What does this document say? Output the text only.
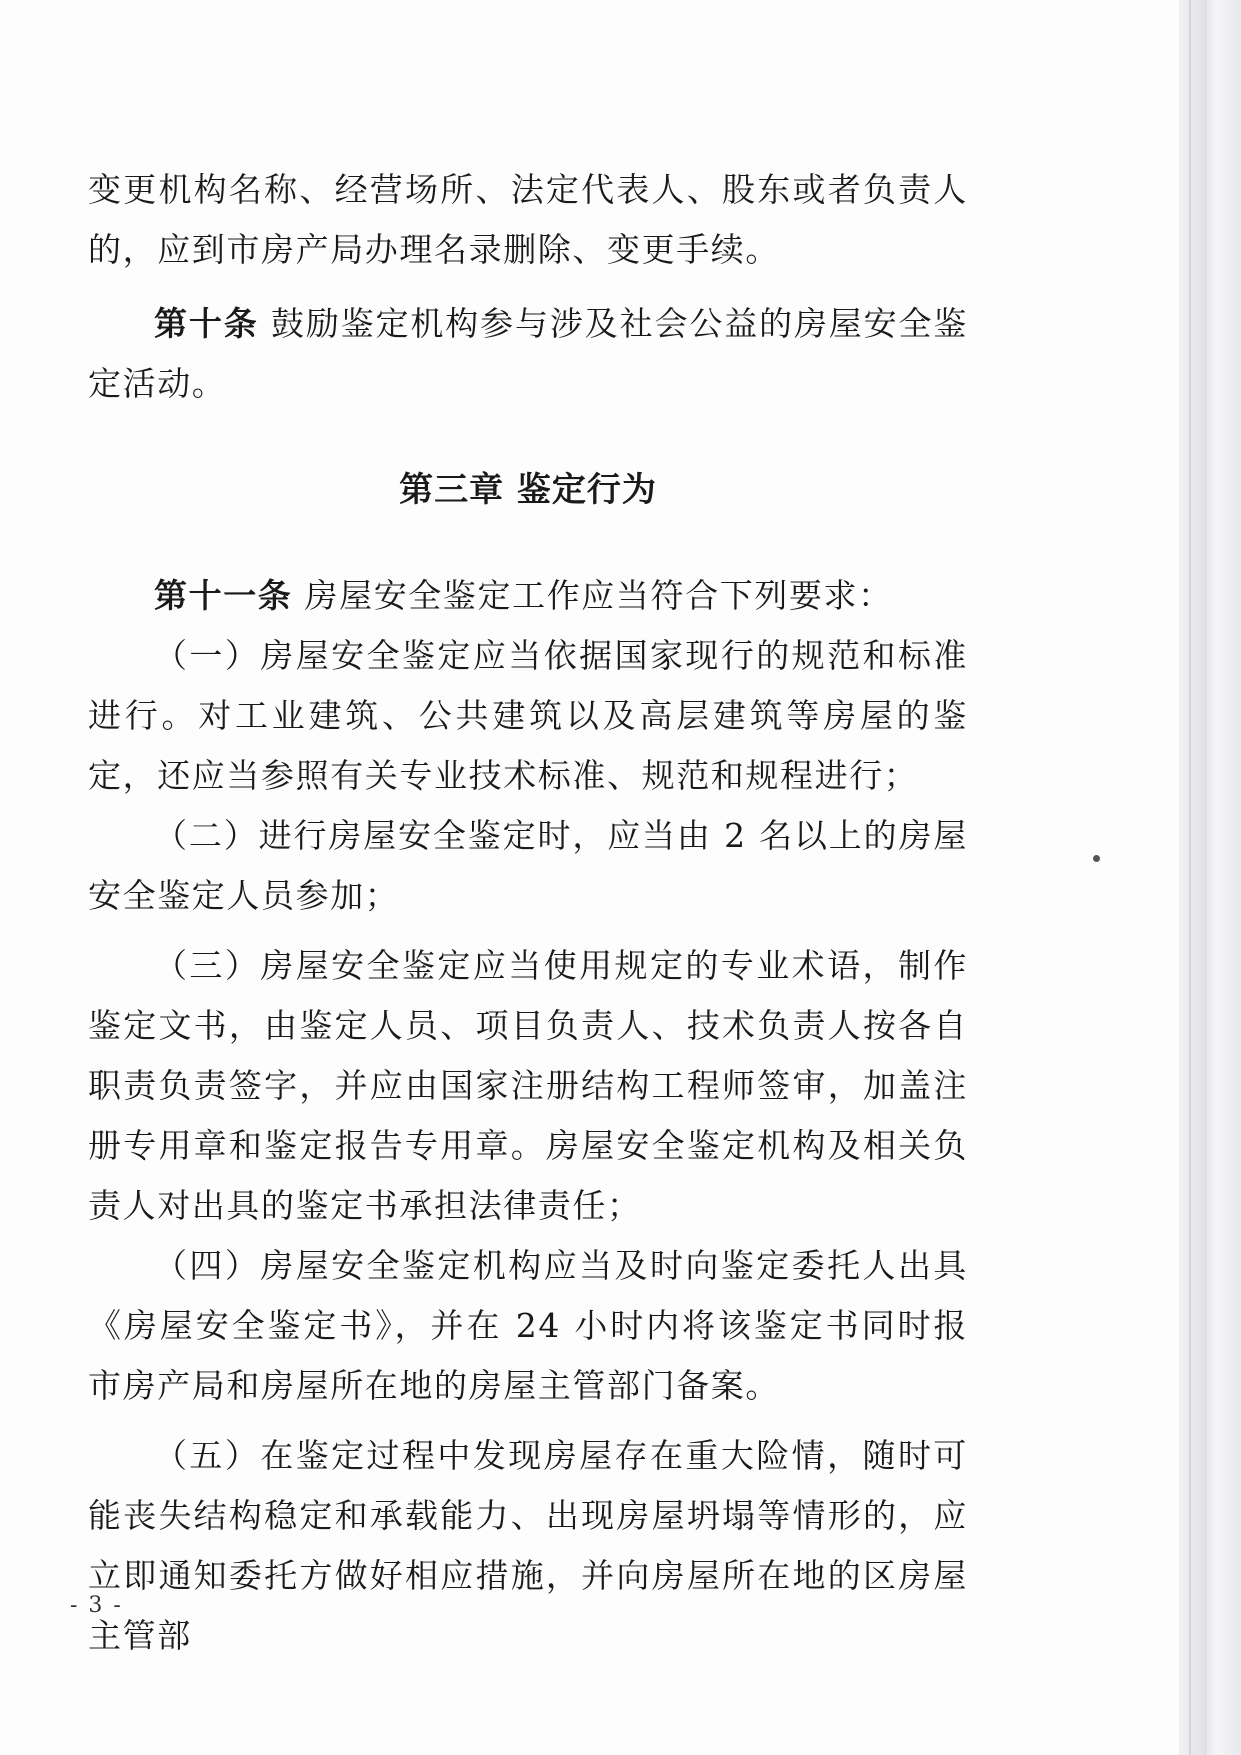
变更机构名称、经营场所、法定代表人、股东或者负责人的，应到市房产局办理名录删除、变更手续。

第十条 鼓励鉴定机构参与涉及社会公益的房屋安全鉴定活动。

第三章 鉴定行为

第十一条 房屋安全鉴定工作应当符合下列要求：

（一）房屋安全鉴定应当依据国家现行的规范和标准进行。对工业建筑、公共建筑以及高层建筑等房屋的鉴定，还应当参照有关专业技术标准、规范和规程进行；

（二）进行房屋安全鉴定时，应当由 2 名以上的房屋安全鉴定人员参加；

（三）房屋安全鉴定应当使用规定的专业术语，制作鉴定文书，由鉴定人员、项目负责人、技术负责人按各自职责负责签字，并应由国家注册结构工程师签审，加盖注册专用章和鉴定报告专用章。房屋安全鉴定机构及相关负责人对出具的鉴定书承担法律责任；

（四）房屋安全鉴定机构应当及时向鉴定委托人出具《房屋安全鉴定书》，并在 24 小时内将该鉴定书同时报市房产局和房屋所在地的房屋主管部门备案。

（五）在鉴定过程中发现房屋存在重大险情，随时可能丧失结构稳定和承载能力、出现房屋坍塌等情形的，应立即通知委托方做好相应措施，并向房屋所在地的区房屋主管部

- 3 -
